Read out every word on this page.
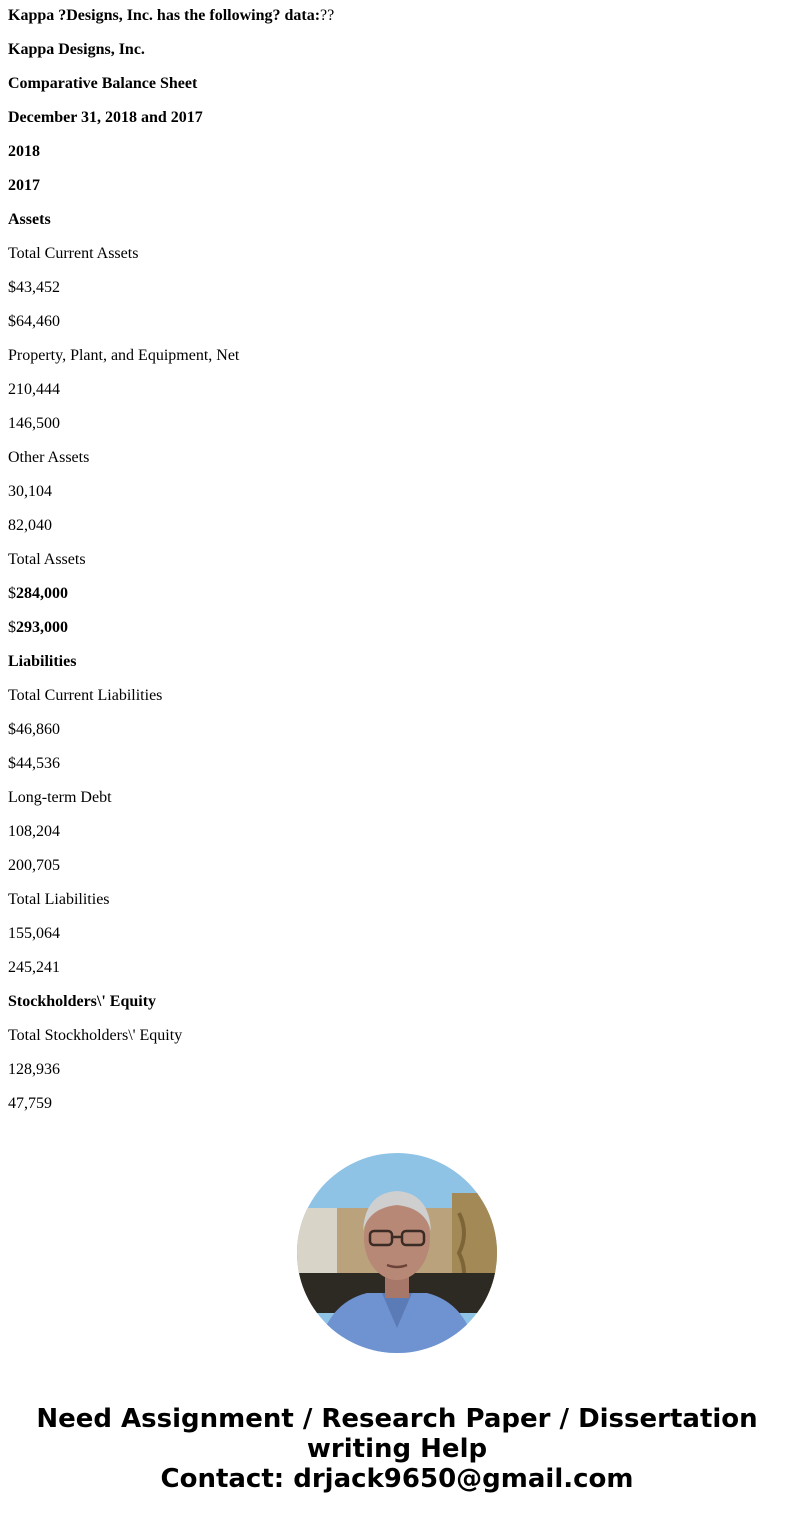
Kappa ?Designs, Inc. has the following? data:??
Kappa Designs, Inc.
Comparative Balance Sheet
December 31, 2018 and 2017
2018
2017
Assets
Total Current Assets
$43,452
$64,460
Property, Plant, and Equipment, Net
210,444
146,500
Other Assets
30,104
82,040
Total Assets
$284,000
$293,000
Liabilities
Total Current Liabilities
$46,860
$44,536
Long-term Debt
108,204
200,705
Total Liabilities
155,064
245,241
Stockholders\' Equity
Total Stockholders\' Equity
128,936
47,759
Need Assignment / Research Paper / Dissertation
writing Help
Contact: drjack9650@gmail.com
